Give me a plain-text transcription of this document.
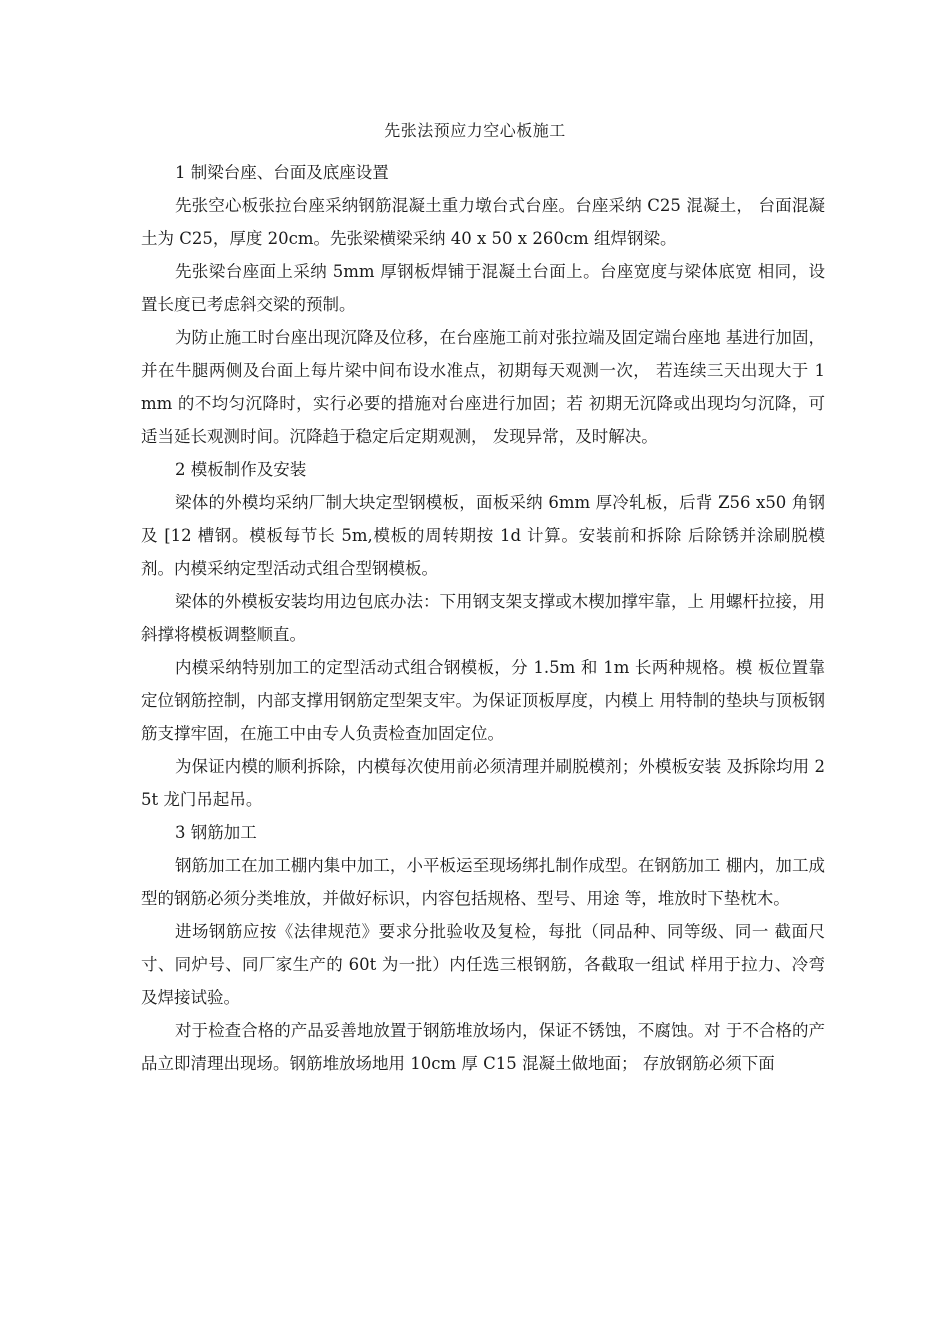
先张法预应力空心板施工

1 制梁台座、台面及底座设置

先张空心板张拉台座采纳钢筋混凝土重力墩台式台座。台座采纳 C25 混凝土， 台面混凝土为 C25，厚度 20cm。先张梁横梁采纳 40 x 50 x 260cm 组焊钢梁。

先张梁台座面上采纳 5mm 厚钢板焊铺于混凝土台面上。台座宽度与梁体底宽 相同，设置长度已考虑斜交梁的预制。

为防止施工时台座出现沉降及位移，在台座施工前对张拉端及固定端台座地 基进行加固，并在牛腿两侧及台面上每片梁中间布设水准点，初期每天观测一次， 若连续三天出现大于 1 mm 的不均匀沉降时，实行必要的措施对台座进行加固；若 初期无沉降或出现均匀沉降，可适当延长观测时间。沉降趋于稳定后定期观测， 发现异常，及时解决。

2 模板制作及安装

梁体的外模均采纳厂制大块定型钢模板，面板采纳 6mm 厚冷轧板，后背 Z56 x50 角钢及 [12 槽钢。模板每节长 5m,模板的周转期按 1d 计算。安装前和拆除 后除锈并涂刷脱模剂。内模采纳定型活动式组合型钢模板。

梁体的外模板安装均用边包底办法：下用钢支架支撑或木楔加撑牢靠，上 用螺杆拉接，用斜撑将模板调整顺直。

内模采纳特别加工的定型活动式组合钢模板，分 1.5m 和 1m 长两种规格。模 板位置靠定位钢筋控制，内部支撑用钢筋定型架支牢。为保证顶板厚度，内模上 用特制的垫块与顶板钢筋支撑牢固，在施工中由专人负责检查加固定位。

为保证内模的顺利拆除，内模每次使用前必须清理并刷脱模剂；外模板安装 及拆除均用 25t 龙门吊起吊。

3 钢筋加工

钢筋加工在加工棚内集中加工，小平板运至现场绑扎制作成型。在钢筋加工 棚内，加工成型的钢筋必须分类堆放，并做好标识，内容包括规格、型号、用途 等，堆放时下垫枕木。

进场钢筋应按《法律规范》要求分批验收及复检，每批（同品种、同等级、同一 截面尺寸、同炉号、同厂家生产的 60t 为一批）内任选三根钢筋，各截取一组试 样用于拉力、冷弯及焊接试验。

对于检查合格的产品妥善地放置于钢筋堆放场内，保证不锈蚀，不腐蚀。对 于不合格的产品立即清理出现场。钢筋堆放场地用 10cm 厚 C15 混凝土做地面； 存放钢筋必须下面
